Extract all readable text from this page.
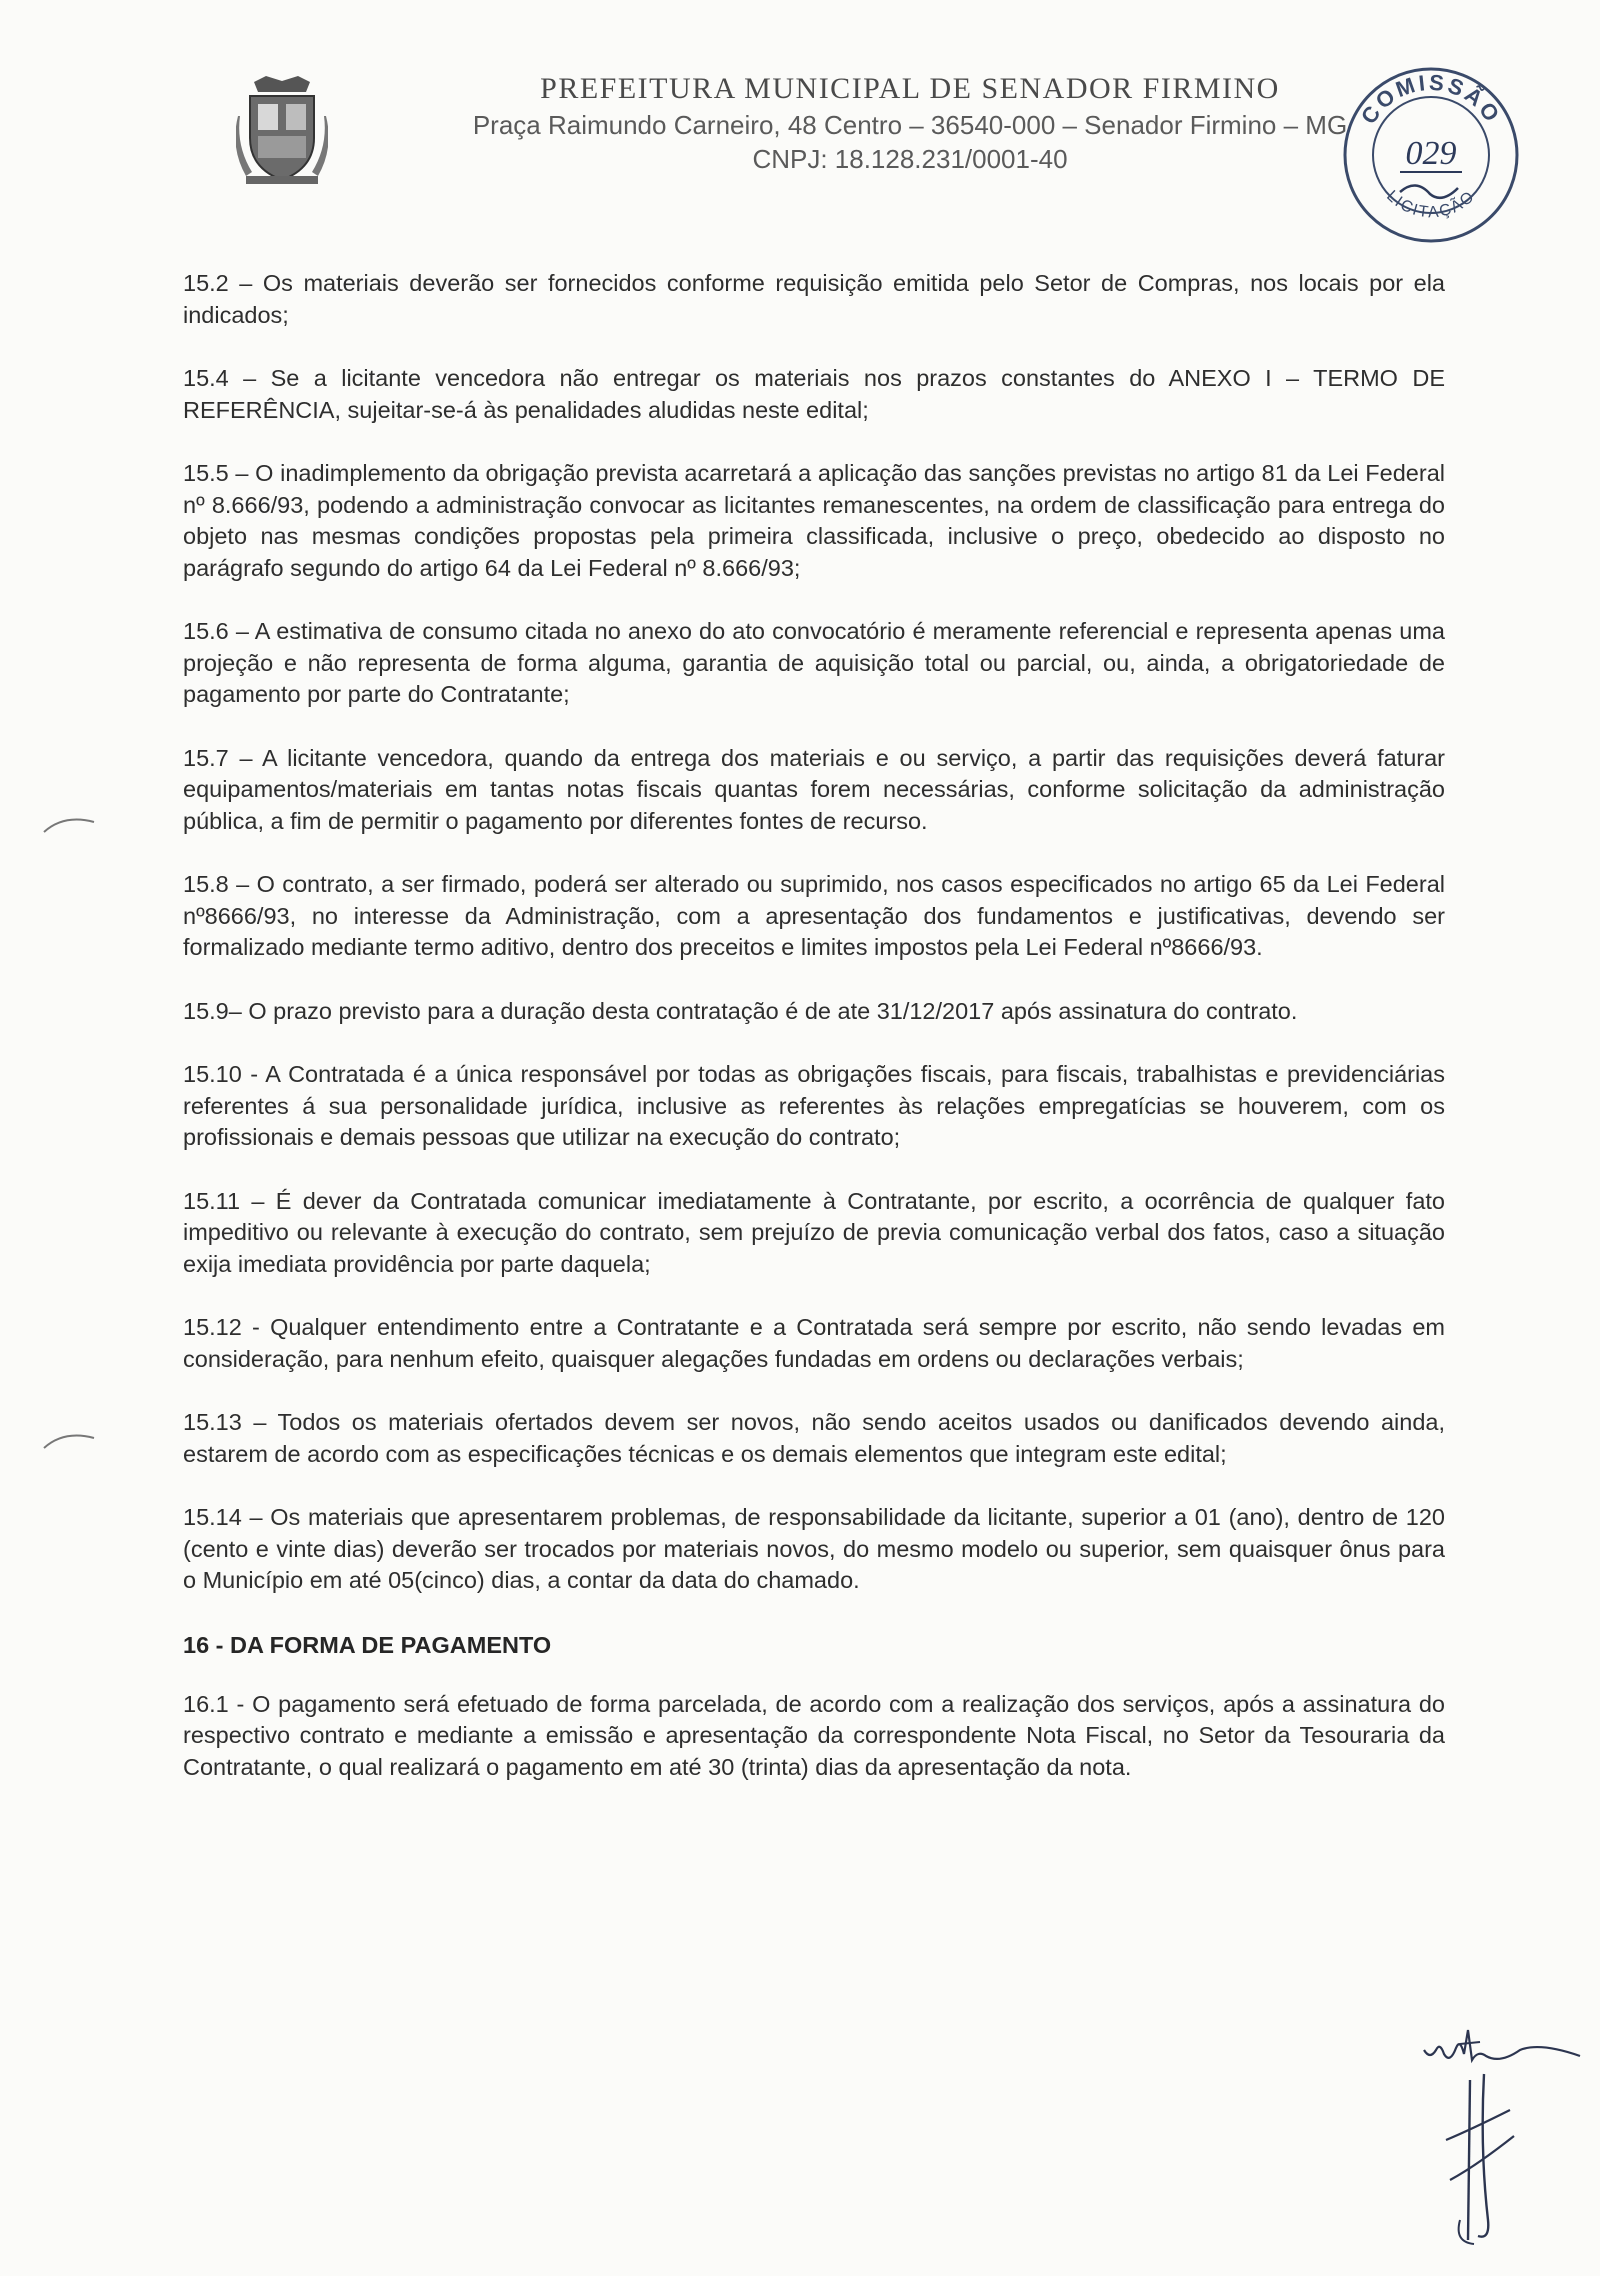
PREFEITURA MUNICIPAL DE SENADOR FIRMINO
Praça Raimundo Carneiro, 48 Centro – 36540-000 – Senador Firmino – MG
CNPJ: 18.128.231/0001-40
COMISSÃO
029
LICITAÇÃO

15.2 – Os materiais deverão ser fornecidos conforme requisição emitida pelo Setor de Compras, nos locais por ela indicados;

15.4 – Se a licitante vencedora não entregar os materiais nos prazos constantes do ANEXO I – TERMO DE REFERÊNCIA, sujeitar-se-á às penalidades aludidas neste edital;

15.5 – O inadimplemento da obrigação prevista acarretará a aplicação das sanções previstas no artigo 81 da Lei Federal nº 8.666/93, podendo a administração convocar as licitantes remanescentes, na ordem de classificação para entrega do objeto nas mesmas condições propostas pela primeira classificada, inclusive o preço, obedecido ao disposto no parágrafo segundo do artigo 64 da Lei Federal nº 8.666/93;

15.6 – A estimativa de consumo citada no anexo do ato convocatório é meramente referencial e representa apenas uma projeção e não representa de forma alguma, garantia de aquisição total ou parcial, ou, ainda, a obrigatoriedade de pagamento por parte do Contratante;

15.7 – A licitante vencedora, quando da entrega dos materiais e ou serviço, a partir das requisições deverá faturar equipamentos/materiais em tantas notas fiscais quantas forem necessárias, conforme solicitação da administração pública, a fim de permitir o pagamento por diferentes fontes de recurso.

15.8 – O contrato, a ser firmado, poderá ser alterado ou suprimido, nos casos especificados no artigo 65 da Lei Federal nº8666/93, no interesse da Administração, com a apresentação dos fundamentos e justificativas, devendo ser formalizado mediante termo aditivo, dentro dos preceitos e limites impostos pela Lei Federal nº8666/93.

15.9– O prazo previsto para a duração desta contratação é de ate 31/12/2017 após assinatura do contrato.

15.10 - A Contratada é a única responsável por todas as obrigações fiscais, para fiscais, trabalhistas e previdenciárias referentes á sua personalidade jurídica, inclusive as referentes às relações empregatícias se houverem, com os profissionais e demais pessoas que utilizar na execução do contrato;

15.11 – É dever da Contratada comunicar imediatamente à Contratante, por escrito, a ocorrência de qualquer fato impeditivo ou relevante à execução do contrato, sem prejuízo de previa comunicação verbal dos fatos, caso a situação exija imediata providência por parte daquela;

15.12 - Qualquer entendimento entre a Contratante e a Contratada será sempre por escrito, não sendo levadas em consideração, para nenhum efeito, quaisquer alegações fundadas em ordens ou declarações verbais;

15.13 – Todos os materiais ofertados devem ser novos, não sendo aceitos usados ou danificados devendo ainda, estarem de acordo com as especificações técnicas e os demais elementos que integram este edital;

15.14 – Os materiais que apresentarem problemas, de responsabilidade da licitante, superior a 01 (ano), dentro de 120 (cento e vinte dias) deverão ser trocados por materiais novos, do mesmo modelo ou superior, sem quaisquer ônus para o Município em até 05(cinco) dias, a contar da data do chamado.

16 - DA FORMA DE PAGAMENTO

16.1 - O pagamento será efetuado de forma parcelada, de acordo com a realização dos serviços, após a assinatura do respectivo contrato e mediante a emissão e apresentação da correspondente Nota Fiscal, no Setor da Tesouraria da Contratante, o qual realizará o pagamento em até 30 (trinta) dias da apresentação da nota.
